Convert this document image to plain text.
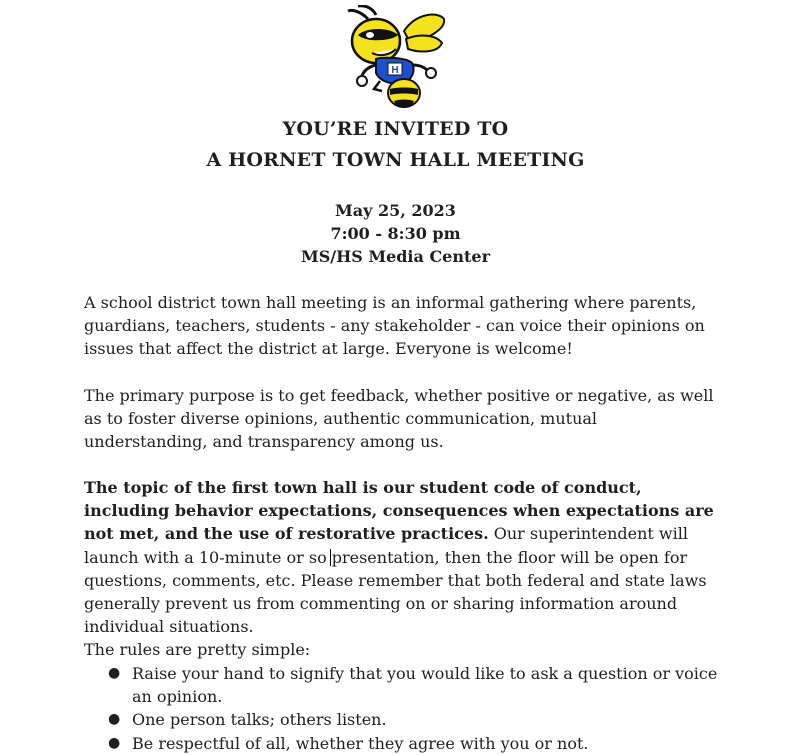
H
YOU’RE INVITED TO
A HORNET TOWN HALL MEETING
May 25, 2023
7:00 - 8:30 pm
MS/HS Media Center
A school district town hall meeting is an informal gathering where parents, guardians, teachers, students - any stakeholder - can voice their opinions on issues that affect the district at large. Everyone is welcome!
The primary purpose is to get feedback, whether positive or negative, as well as to foster diverse opinions, authentic communication, mutual understanding, and transparency among us.
The topic of the first town hall is our student code of conduct, including behavior expectations, consequences when expectations are not met, and the use of restorative practices. Our superintendent will launch with a 10-minute or so presentation, then the floor will be open for questions, comments, etc. Please remember that both federal and state laws generally prevent us from commenting on or sharing information around individual situations.
The rules are pretty simple:
● Raise your hand to signify that you would like to ask a question or voice an opinion.
● One person talks; others listen.
● Be respectful of all, whether they agree with you or not.
